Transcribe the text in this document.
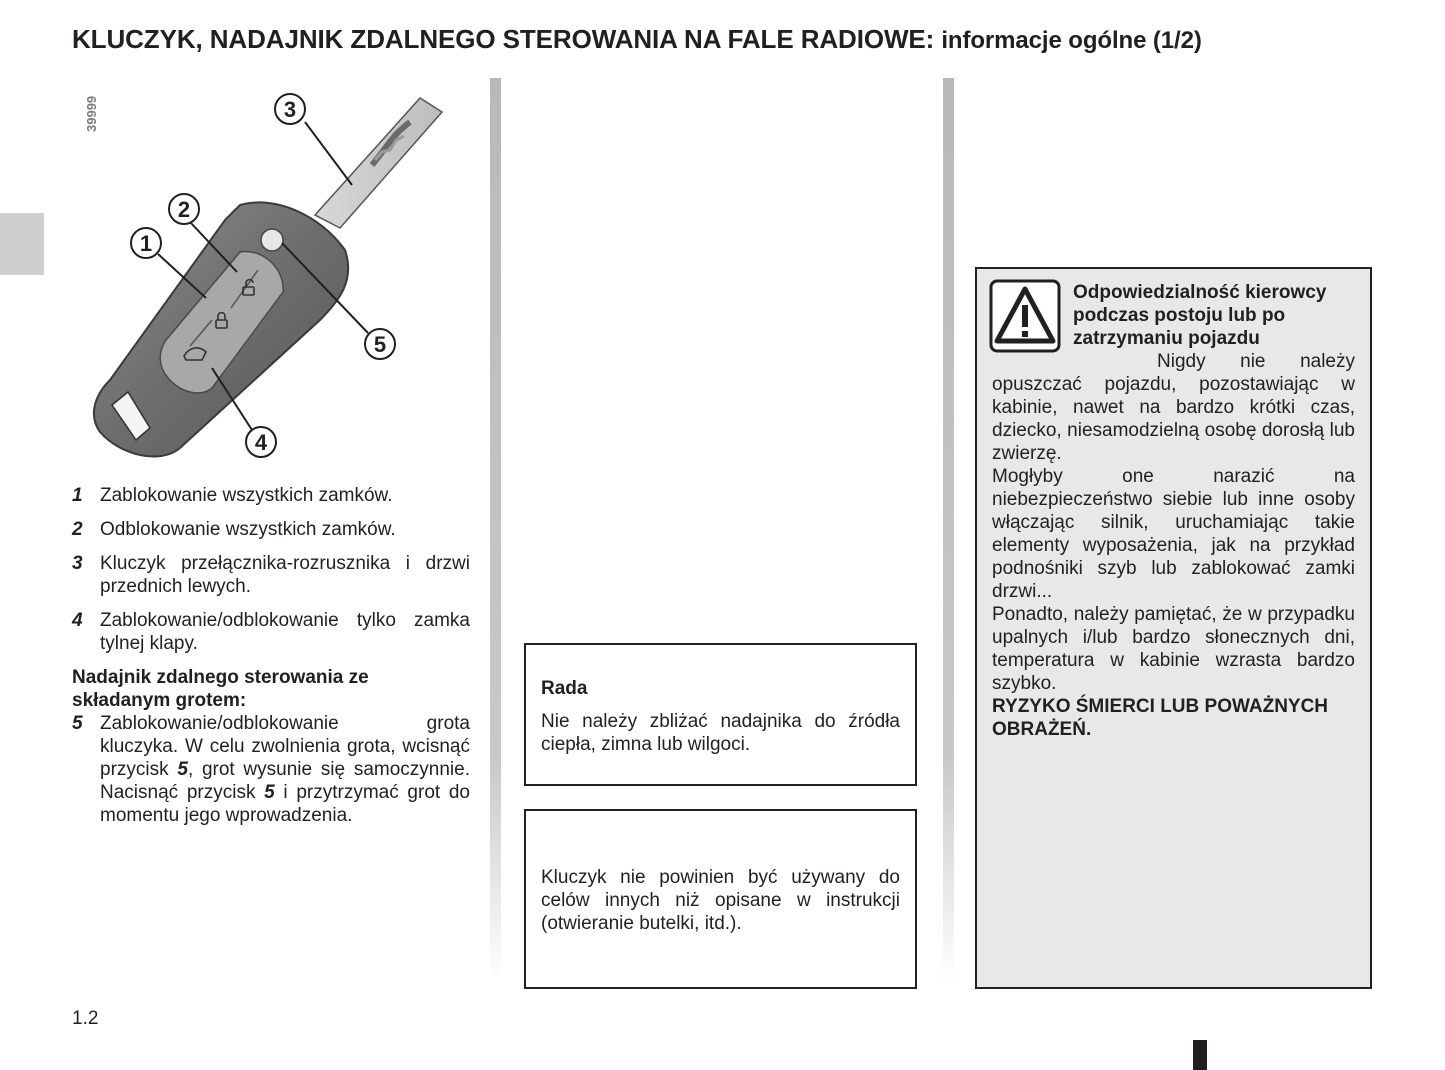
KLUCZYK, NADAJNIK ZDALNEGO STEROWANIA NA FALE RADIOWE: informacje ogólne (1/2)
39999	3
2
1
5
4
1 Zablokowanie wszystkich zamków.
2 Odblokowanie wszystkich zamków.
3 Kluczyk przełącznika-rozrusznika i drzwi przednich lewych.
4 Zablokowanie/odblokowanie tylko zamka tylnej klapy.
Nadajnik zdalnego sterowania ze składanym grotem:
5 Zablokowanie/odblokowanie grota kluczyka. W celu zwolnienia grota, wcisnąć przycisk 5, grot wysunie się samoczynnie. Nacisnąć przycisk 5 i przytrzymać grot do momentu jego wprowadzenia.
Rada
Nie należy zbliżać nadajnika do źródła ciepła, zimna lub wilgoci.
Kluczyk nie powinien być używany do celów innych niż opisane w instrukcji (otwieranie butelki, itd.).
Odpowiedzialność kierowcy podczas postoju lub po zatrzymaniu pojazdu
Nigdy nie należy opuszczać pojazdu, pozostawiając w kabinie, nawet na bardzo krótki czas, dziecko, niesamodzielną osobę dorosłą lub zwierzę.
Mogłyby one narazić na niebezpieczeństwo siebie lub inne osoby włączając silnik, uruchamiając takie elementy wyposażenia, jak na przykład podnośniki szyb lub zablokować zamki drzwi...
Ponadto, należy pamiętać, że w przypadku upalnych i/lub bardzo słonecznych dni, temperatura w kabinie wzrasta bardzo szybko.
RYZYKO ŚMIERCI LUB POWAŻNYCH OBRAŻEŃ.
1.2
